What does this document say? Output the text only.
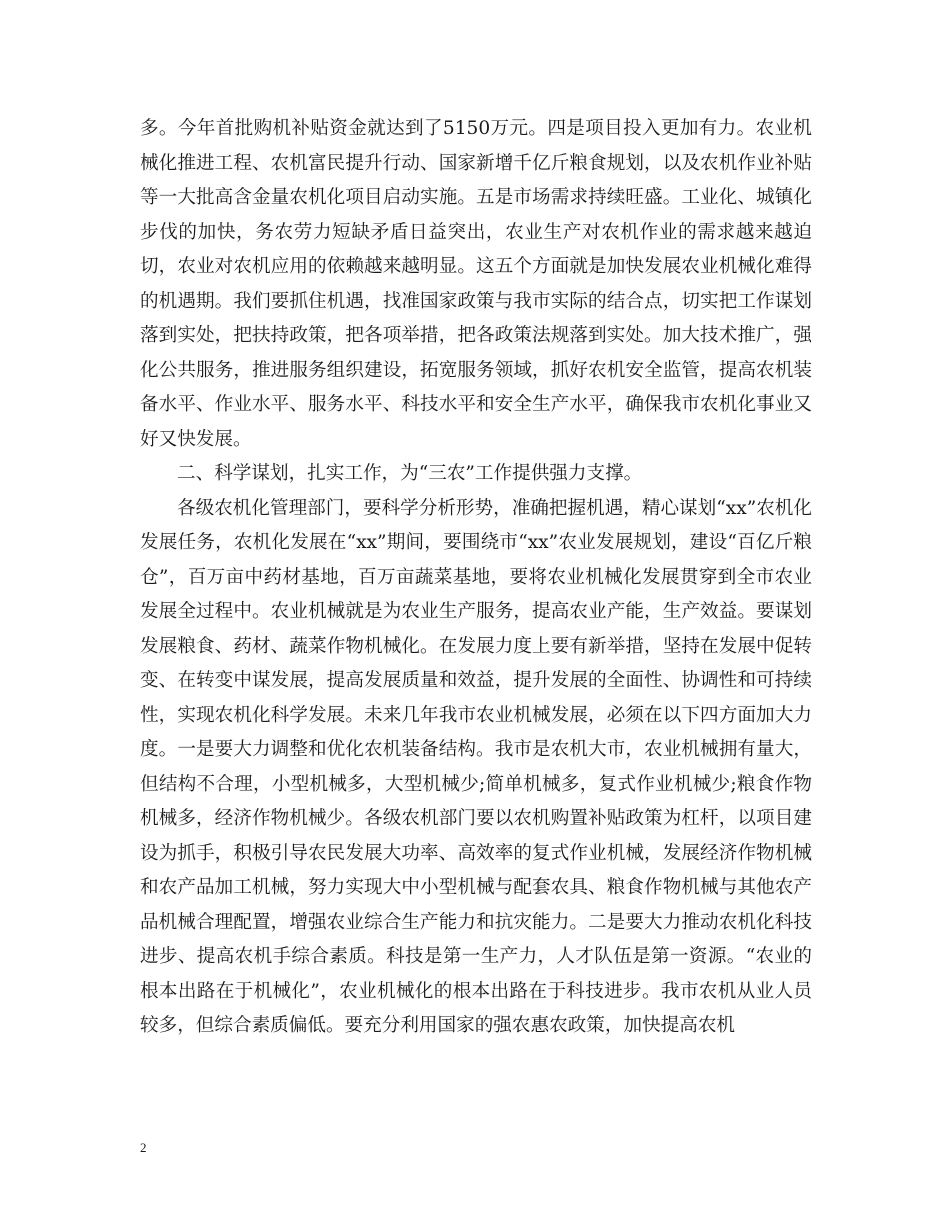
多。今年首批购机补贴资金就达到了5150万元。四是项目投入更加有力。农业机械化推进工程、农机富民提升行动、国家新增千亿斤粮食规划，以及农机作业补贴等一大批高含金量农机化项目启动实施。五是市场需求持续旺盛。工业化、城镇化步伐的加快，务农劳力短缺矛盾日益突出，农业生产对农机作业的需求越来越迫切，农业对农机应用的依赖越来越明显。这五个方面就是加快发展农业机械化难得的机遇期。我们要抓住机遇，找准国家政策与我市实际的结合点，切实把工作谋划落到实处，把扶持政策，把各项举措，把各政策法规落到实处。加大技术推广，强化公共服务，推进服务组织建设，拓宽服务领域，抓好农机安全监管，提高农机装备水平、作业水平、服务水平、科技水平和安全生产水平，确保我市农机化事业又好又快发展。

二、科学谋划，扎实工作，为“三农”工作提供强力支撑。

各级农机化管理部门，要科学分析形势，准确把握机遇，精心谋划“xx”农机化发展任务，农机化发展在“xx”期间，要围绕市“xx”农业发展规划，建设“百亿斤粮仓”，百万亩中药材基地，百万亩蔬菜基地，要将农业机械化发展贯穿到全市农业发展全过程中。农业机械就是为农业生产服务，提高农业产能，生产效益。要谋划发展粮食、药材、蔬菜作物机械化。在发展力度上要有新举措，坚持在发展中促转变、在转变中谋发展，提高发展质量和效益，提升发展的全面性、协调性和可持续性，实现农机化科学发展。未来几年我市农业机械发展，必须在以下四方面加大力度。一是要大力调整和优化农机装备结构。我市是农机大市，农业机械拥有量大，但结构不合理，小型机械多，大型机械少;简单机械多，复式作业机械少;粮食作物机械多，经济作物机械少。各级农机部门要以农机购置补贴政策为杠杆，以项目建设为抓手，积极引导农民发展大功率、高效率的复式作业机械，发展经济作物机械和农产品加工机械，努力实现大中小型机械与配套农具、粮食作物机械与其他农产品机械合理配置，增强农业综合生产能力和抗灾能力。二是要大力推动农机化科技进步、提高农机手综合素质。科技是第一生产力，人才队伍是第一资源。“农业的根本出路在于机械化”，农业机械化的根本出路在于科技进步。我市农机从业人员较多，但综合素质偏低。要充分利用国家的强农惠农政策，加快提高农机

2
